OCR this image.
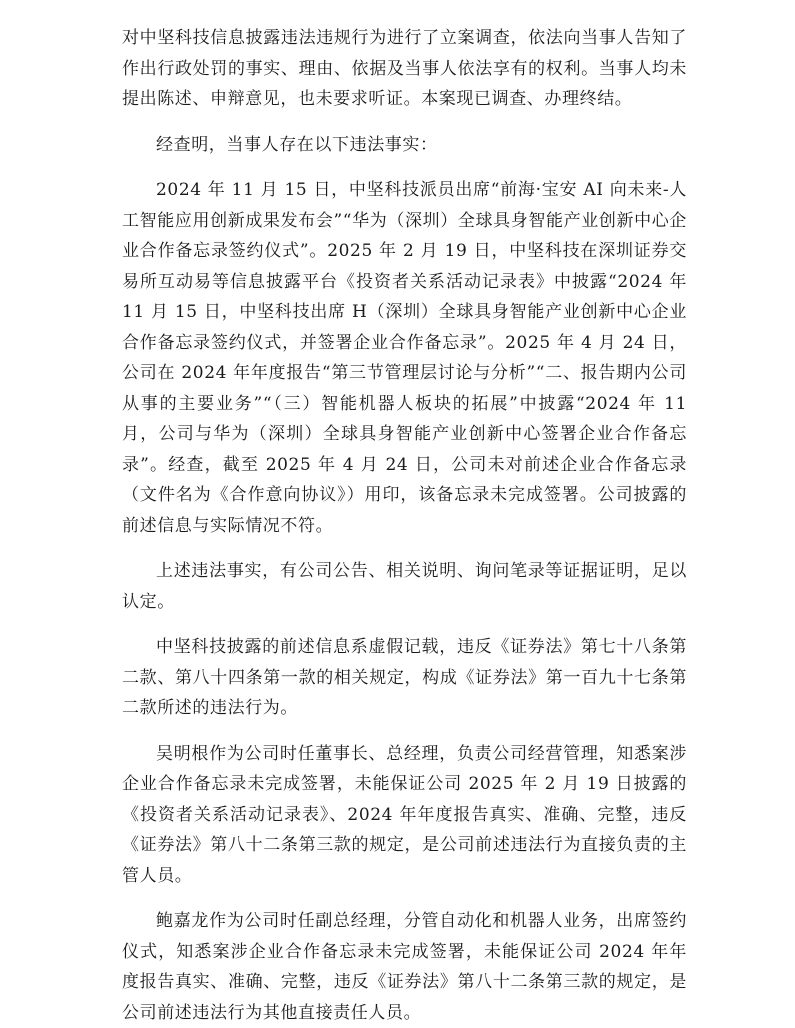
对中坚科技信息披露违法违规行为进行了立案调查，依法向当事人告知了作出行政处罚的事实、理由、依据及当事人依法享有的权利。当事人均未提出陈述、申辩意见，也未要求听证。本案现已调查、办理终结。

经查明，当事人存在以下违法事实：

2024 年 11 月 15 日，中坚科技派员出席“前海·宝安 AI 向未来-人工智能应用创新成果发布会”“华为（深圳）全球具身智能产业创新中心企业合作备忘录签约仪式”。2025 年 2 月 19 日，中坚科技在深圳证券交易所互动易等信息披露平台《投资者关系活动记录表》中披露“2024 年 11 月 15 日，中坚科技出席 H（深圳）全球具身智能产业创新中心企业合作备忘录签约仪式，并签署企业合作备忘录”。2025 年 4 月 24 日，公司在 2024 年年度报告“第三节管理层讨论与分析”“二、报告期内公司从事的主要业务”“（三）智能机器人板块的拓展”中披露“2024 年 11 月，公司与华为（深圳）全球具身智能产业创新中心签署企业合作备忘录”。经查，截至 2025 年 4 月 24 日，公司未对前述企业合作备忘录（文件名为《合作意向协议》）用印，该备忘录未完成签署。公司披露的前述信息与实际情况不符。

上述违法事实，有公司公告、相关说明、询问笔录等证据证明，足以认定。

中坚科技披露的前述信息系虚假记载，违反《证券法》第七十八条第二款、第八十四条第一款的相关规定，构成《证券法》第一百九十七条第二款所述的违法行为。

吴明根作为公司时任董事长、总经理，负责公司经营管理，知悉案涉企业合作备忘录未完成签署，未能保证公司 2025 年 2 月 19 日披露的《投资者关系活动记录表》、2024 年年度报告真实、准确、完整，违反《证券法》第八十二条第三款的规定，是公司前述违法行为直接负责的主管人员。

鲍嘉龙作为公司时任副总经理，分管自动化和机器人业务，出席签约仪式，知悉案涉企业合作备忘录未完成签署，未能保证公司 2024 年年度报告真实、准确、完整，违反《证券法》第八十二条第三款的规定，是公司前述违法行为其他直接责任人员。
